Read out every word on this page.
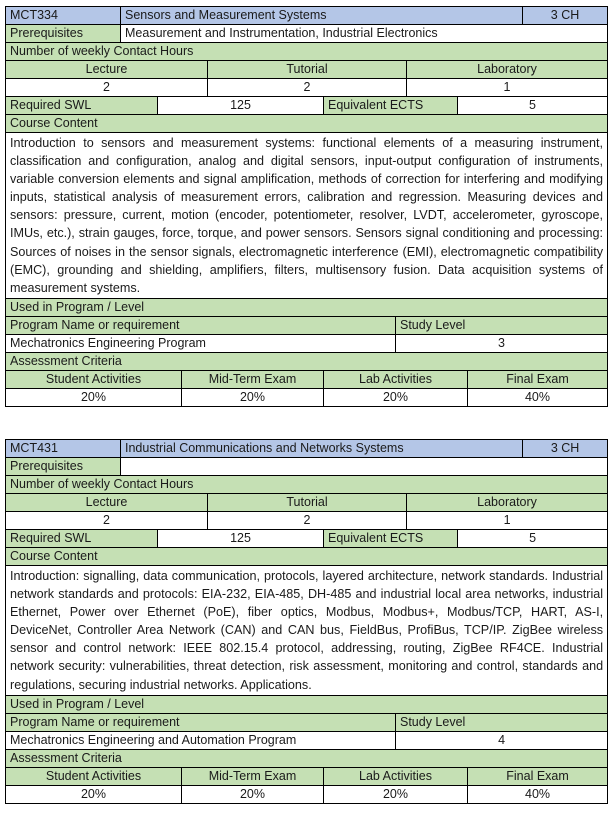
MCT334	Sensors and Measurement Systems									3 CH
Prerequisites	Measurement and Instrumentation, Industrial Electronics									
Number of weekly Contact Hours										
Lecture				Tutorial			Laboratory			
2				2			1			
Required SWL		125			Equivalent ECTS			5		
Course Content										
Introduction to sensors and measurement systems: functional elements of a measuring instrument, classification and configuration, analog and digital sensors, input-output configuration of instruments, variable conversion elements and signal amplification, methods of correction for interfering and modifying inputs, statistical analysis of measurement errors, calibration and regression. Measuring devices and sensors: pressure, current, motion (encoder, potentiometer, resolver, LVDT, accelerometer, gyroscope, IMUs, etc.), strain gauges, force, torque, and power sensors. Sensors signal conditioning and processing: Sources of noises in the sensor signals, electromagnetic interference (EMI), electromagnetic compatibility (EMC), grounding and shielding, amplifiers, filters, multisensory fusion. Data acquisition systems of measurement systems.										
Used in Program / Level										
Program Name or requirement						Study Level				
Mechatronics Engineering Program						3				
Assessment Criteria										
Student Activities			Mid-Term Exam		Lab Activities				Final Exam	
20%			20%		20%				40%	
MCT431	Industrial Communications and Networks Systems									3 CH
Prerequisites										
Number of weekly Contact Hours										
Lecture				Tutorial			Laboratory			
2				2			1			
Required SWL		125			Equivalent ECTS			5		
Course Content										
Introduction: signalling, data communication, protocols, layered architecture, network standards. Industrial network standards and protocols: EIA-232, EIA-485, DH-485 and industrial local area networks, industrial Ethernet, Power over Ethernet (PoE), fiber optics, Modbus, Modbus+, Modbus/TCP, HART, AS-I, DeviceNet, Controller Area Network (CAN) and CAN bus, FieldBus, ProfiBus, TCP/IP. ZigBee wireless sensor and control network: IEEE 802.15.4 protocol, addressing, routing, ZigBee RF4CE. Industrial network security: vulnerabilities, threat detection, risk assessment, monitoring and control, standards and regulations, securing industrial networks. Applications.										
Used in Program / Level										
Program Name or requirement						Study Level				
Mechatronics Engineering and Automation Program						4				
Assessment Criteria										
Student Activities			Mid-Term Exam		Lab Activities				Final Exam	
20%			20%		20%				40%	
